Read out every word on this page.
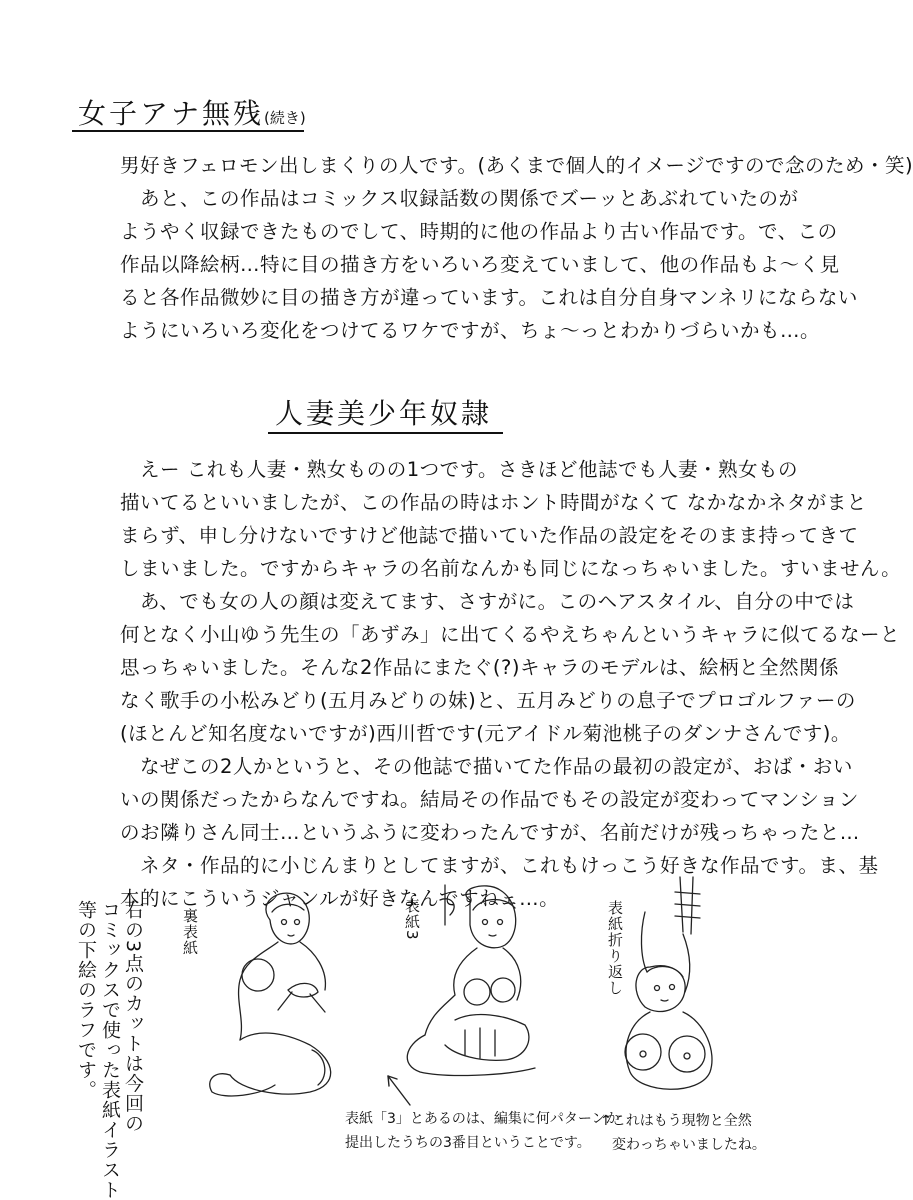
女子アナ無残(続き)
男好きフェロモン出しまくりの人です。(あくまで個人的イメージですので念のため・笑)
あと、この作品はコミックス収録話数の関係でズーッとあぶれていたのが
ようやく収録できたものでして、時期的に他の作品より古い作品です。で、この
作品以降絵柄…特に目の描き方をいろいろ変えていまして、他の作品もよ～く見
ると各作品微妙に目の描き方が違っています。これは自分自身マンネリにならない
ようにいろいろ変化をつけてるワケですが、ちょ～っとわかりづらいかも…。
人妻美少年奴隷
えー これも人妻・熟女ものの1つです。さきほど他誌でも人妻・熟女もの
描いてるといいましたが、この作品の時はホント時間がなくて なかなかネタがまと
まらず、申し分けないですけど他誌で描いていた作品の設定をそのまま持ってきて
しまいました。ですからキャラの名前なんかも同じになっちゃいました。すいません。
あ、でも女の人の顔は変えてます、さすがに。このヘアスタイル、自分の中では
何となく小山ゆう先生の「あずみ」に出てくるやえちゃんというキャラに似てるなーと
思っちゃいました。そんな2作品にまたぐ(?)キャラのモデルは、絵柄と全然関係
なく歌手の小松みどり(五月みどりの妹)と、五月みどりの息子でプロゴルファーの
(ほとんど知名度ないですが)西川哲です(元アイドル菊池桃子のダンナさんです)。
なぜこの2人かというと、その他誌で描いてた作品の最初の設定が、おば・おい
いの関係だったからなんですね。結局その作品でもその設定が変わってマンション
のお隣りさん同士…というふうに変わったんですが、名前だけが残っちゃったと…
ネタ・作品的に小じんまりとしてますが、これもけっこう好きな作品です。ま、基
本的にこういうジャンルが好きなんですねェ…。
右の3点のカットは今回の
コミックスで使った表紙イラスト
等の下絵のラフです。	裏表紙	表紙3	表紙折り返し
表紙「3」とあるのは、編集に何パターンか
提出したうちの3番目ということです。
↑これはもう現物と全然
変わっちゃいましたね。
